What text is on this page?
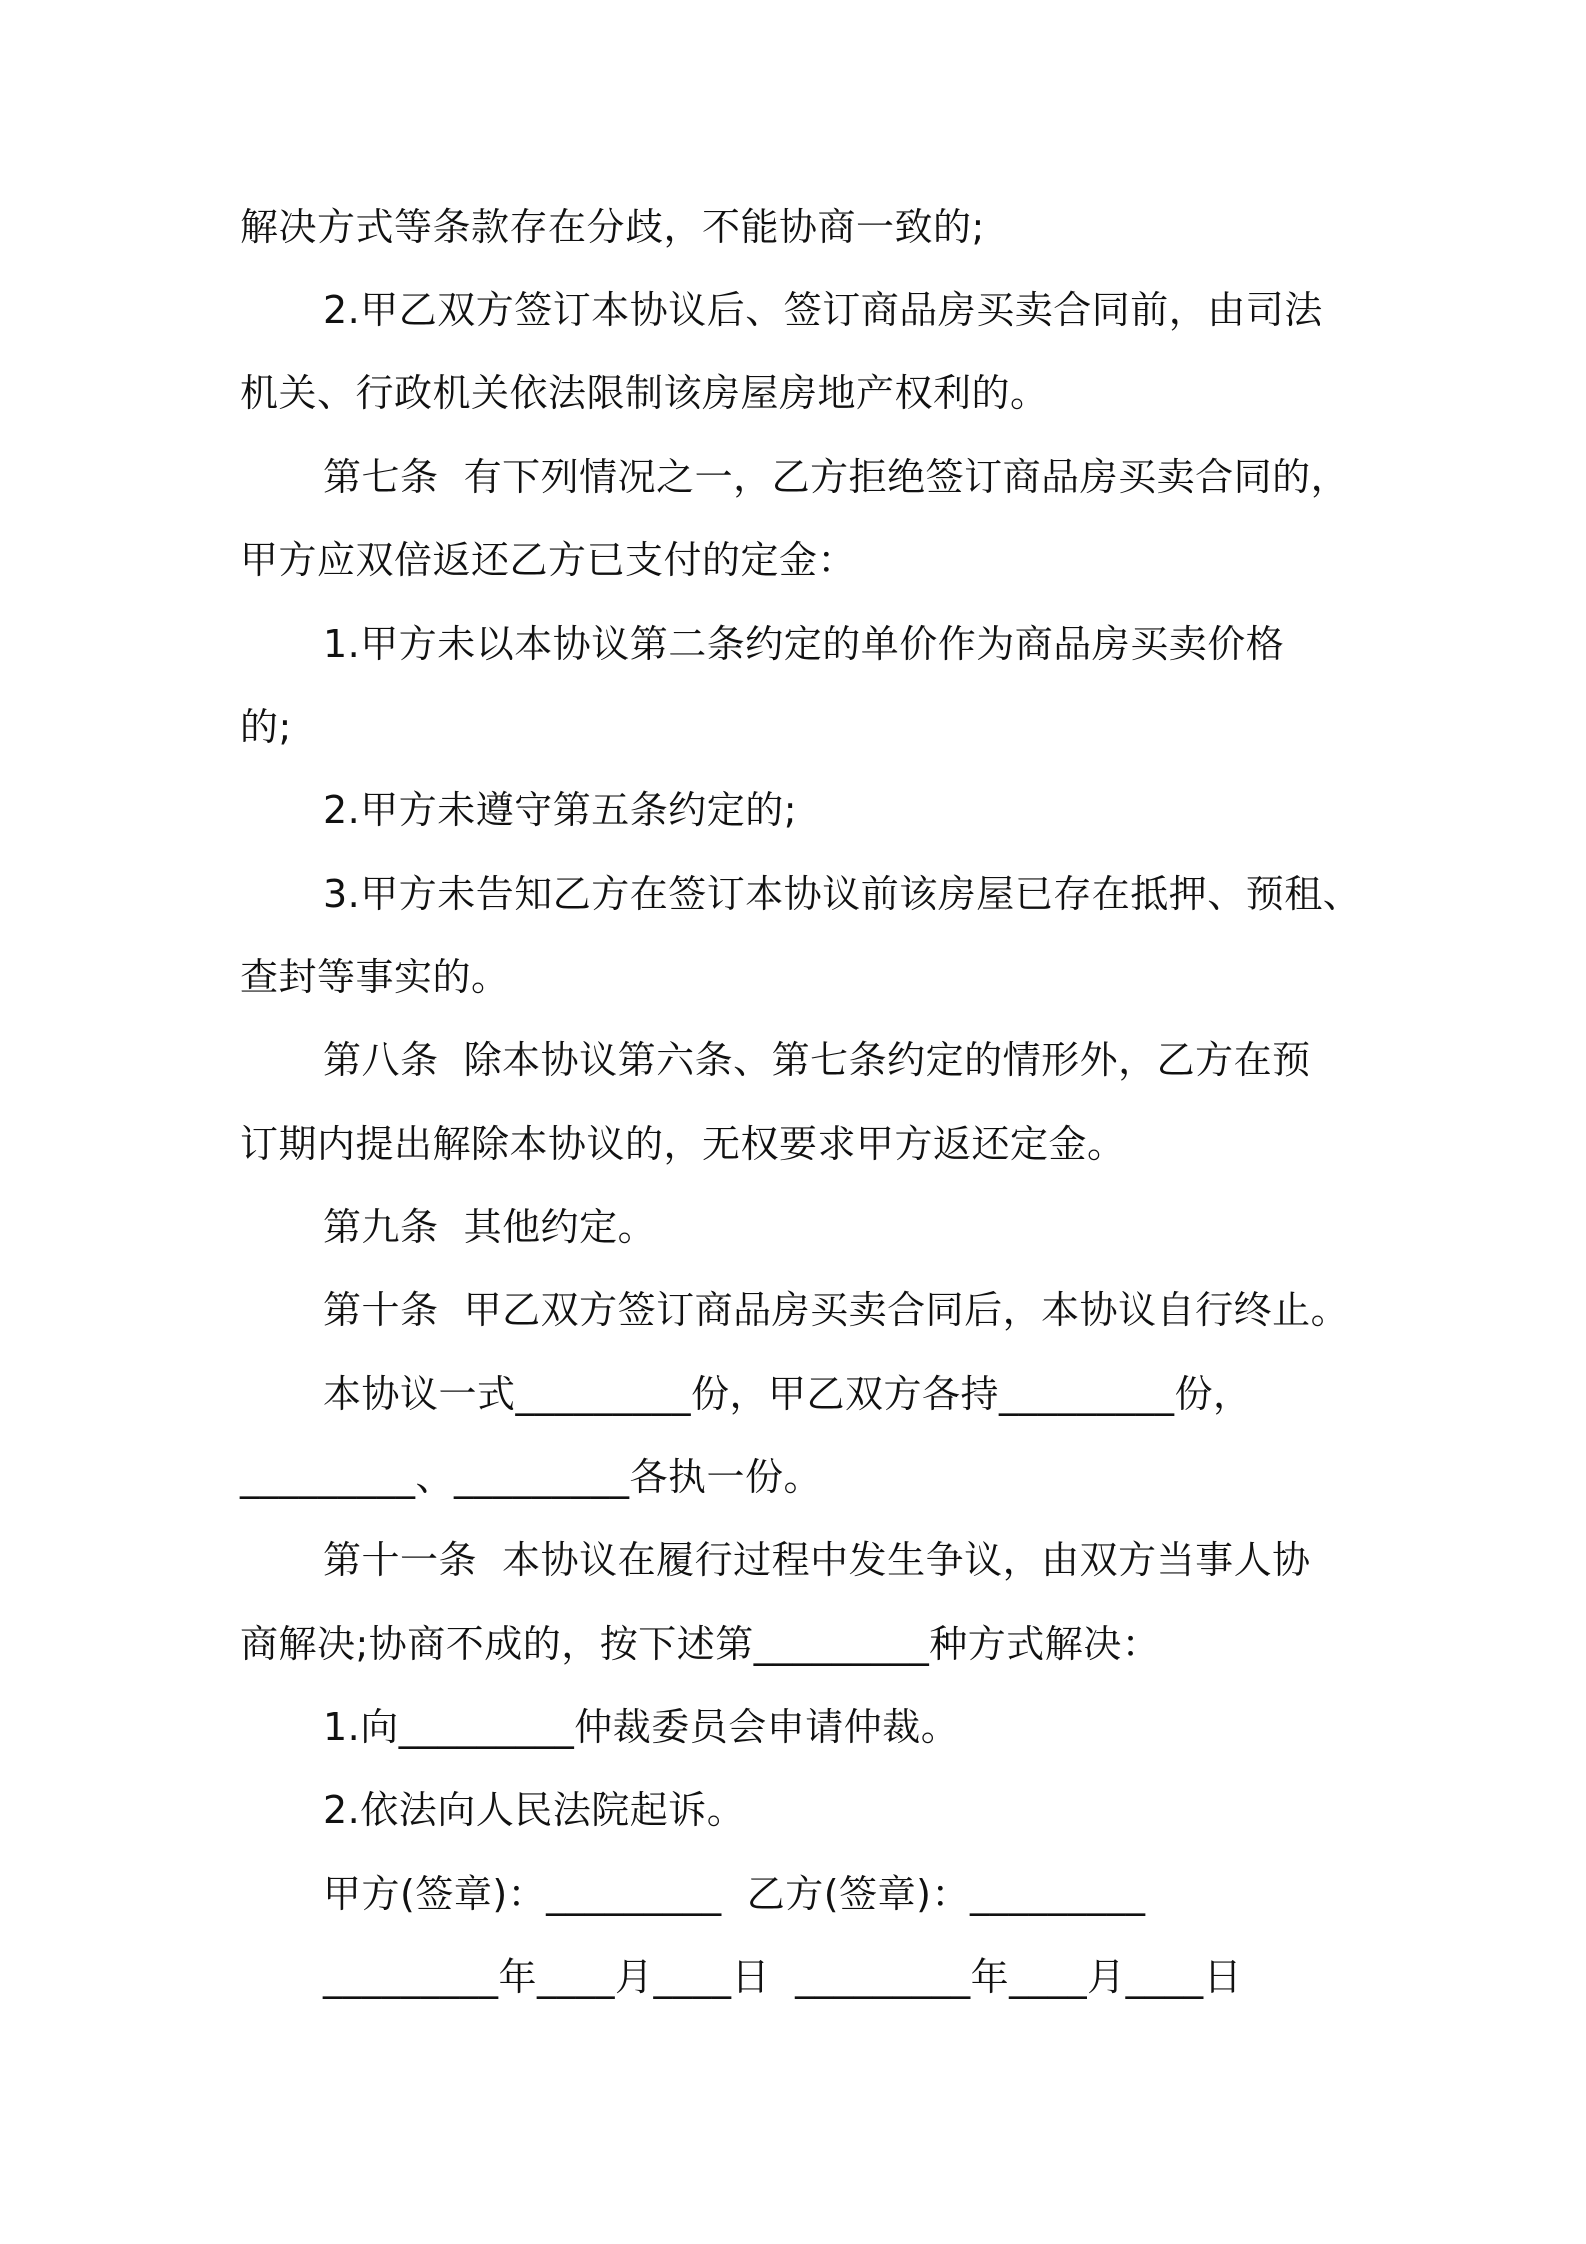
解决方式等条款存在分歧，不能协商一致的;

2.甲乙双方签订本协议后、签订商品房买卖合同前，由司法

机关、行政机关依法限制该房屋房地产权利的。

第七条  有下列情况之一，乙方拒绝签订商品房买卖合同的，

甲方应双倍返还乙方已支付的定金：

1.甲方未以本协议第二条约定的单价作为商品房买卖价格

的;

2.甲方未遵守第五条约定的;

3.甲方未告知乙方在签订本协议前该房屋已存在抵押、预租、

查封等事实的。

第八条  除本协议第六条、第七条约定的情形外，乙方在预

订期内提出解除本协议的，无权要求甲方返还定金。

第九条  其他约定。

第十条  甲乙双方签订商品房买卖合同后，本协议自行终止。

本协议一式_________份，甲乙双方各持_________份，

_________、_________各执一份。

第十一条  本协议在履行过程中发生争议，由双方当事人协

商解决;协商不成的，按下述第_________种方式解决：

1.向_________仲裁委员会申请仲裁。

2.依法向人民法院起诉。

甲方(签章)：_________  乙方(签章)：_________

_________年____月____日  _________年____月____日
